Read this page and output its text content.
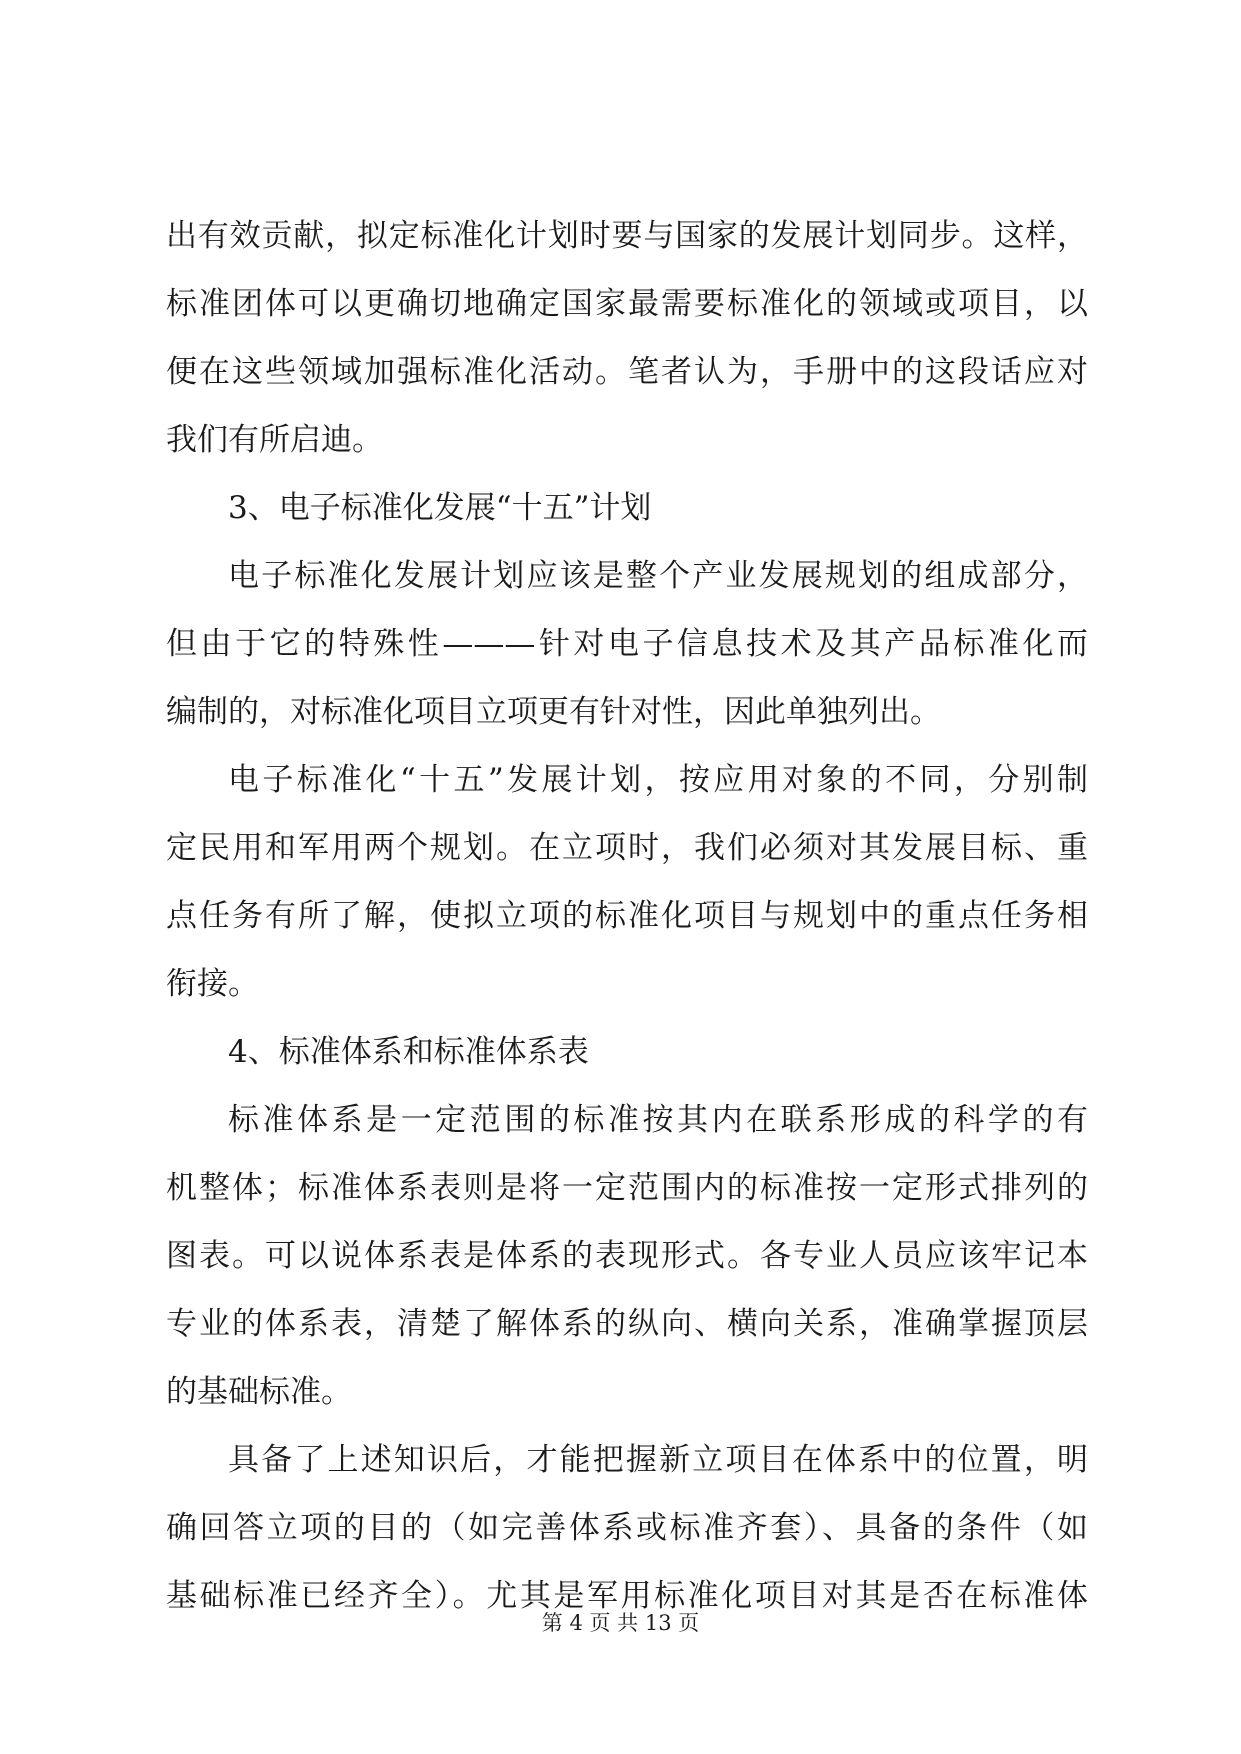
出有效贡献，拟定标准化计划时要与国家的发展计划同步。这样，
标准团体可以更确切地确定国家最需要标准化的领域或项目，以
便在这些领域加强标准化活动。笔者认为，手册中的这段话应对
我们有所启迪。
3、电子标准化发展“十五”计划
电子标准化发展计划应该是整个产业发展规划的组成部分，
但由于它的特殊性———针对电子信息技术及其产品标准化而
编制的，对标准化项目立项更有针对性，因此单独列出。
电子标准化“十五”发展计划，按应用对象的不同，分别制
定民用和军用两个规划。在立项时，我们必须对其发展目标、重
点任务有所了解，使拟立项的标准化项目与规划中的重点任务相
衔接。
4、标准体系和标准体系表
标准体系是一定范围的标准按其内在联系形成的科学的有
机整体；标准体系表则是将一定范围内的标准按一定形式排列的
图表。可以说体系表是体系的表现形式。各专业人员应该牢记本
专业的体系表，清楚了解体系的纵向、横向关系，准确掌握顶层
的基础标准。
具备了上述知识后，才能把握新立项目在体系中的位置，明
确回答立项的目的（如完善体系或标准齐套）、具备的条件（如
基础标准已经齐全）。尤其是军用标准化项目对其是否在标准体
第 4 页 共 13 页
